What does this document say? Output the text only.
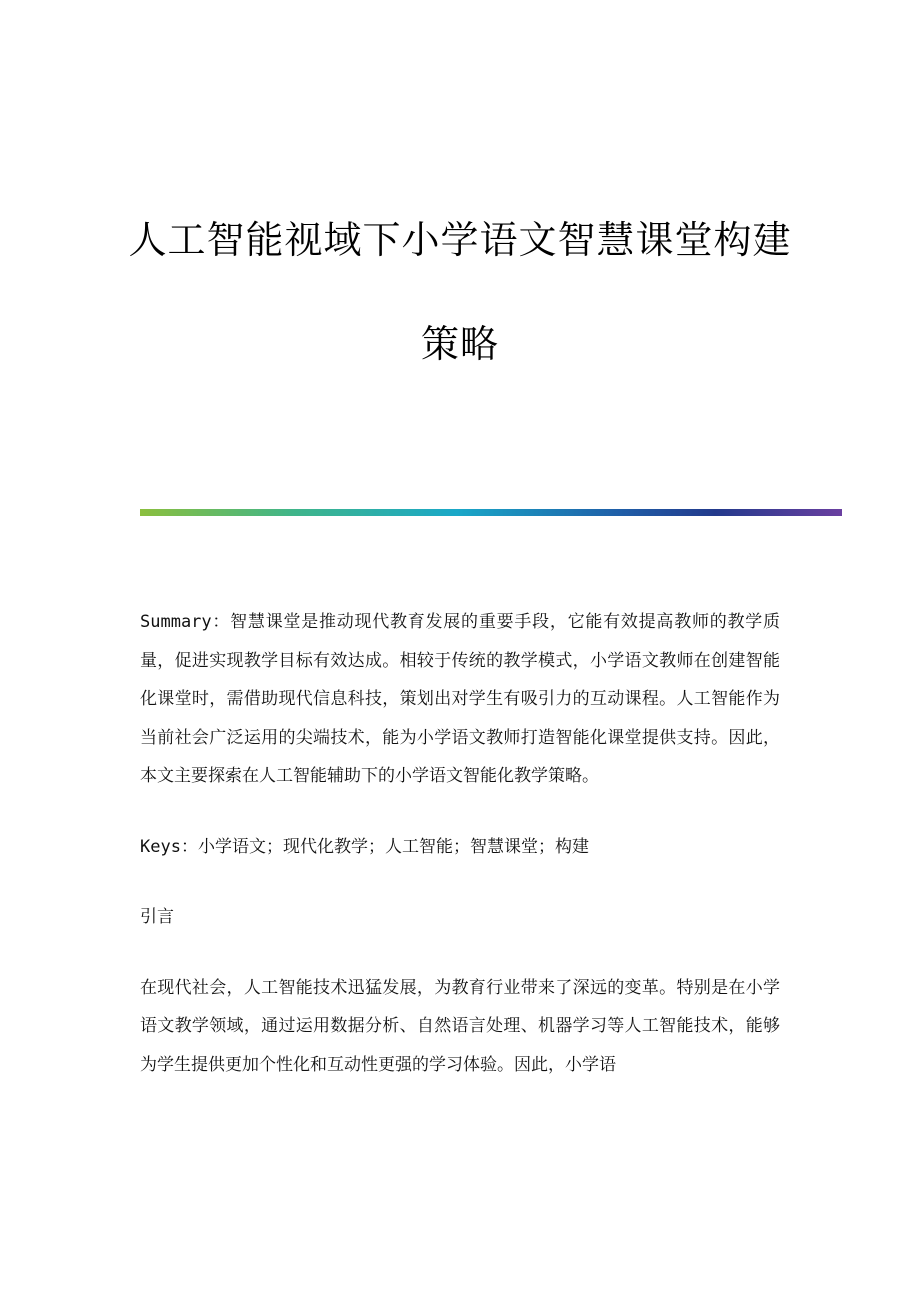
人工智能视域下小学语文智慧课堂构建
策略

Summary：智慧课堂是推动现代教育发展的重要手段，它能有效提高教师的教学质量，促进实现教学目标有效达成。相较于传统的教学模式，小学语文教师在创建智能化课堂时，需借助现代信息科技，策划出对学生有吸引力的互动课程。人工智能作为当前社会广泛运用的尖端技术，能为小学语文教师打造智能化课堂提供支持。因此，本文主要探索在人工智能辅助下的小学语文智能化教学策略。

Keys：小学语文；现代化教学；人工智能；智慧课堂；构建

引言

在现代社会，人工智能技术迅猛发展，为教育行业带来了深远的变革。特别是在小学语文教学领域，通过运用数据分析、自然语言处理、机器学习等人工智能技术，能够为学生提供更加个性化和互动性更强的学习体验。因此，小学语
